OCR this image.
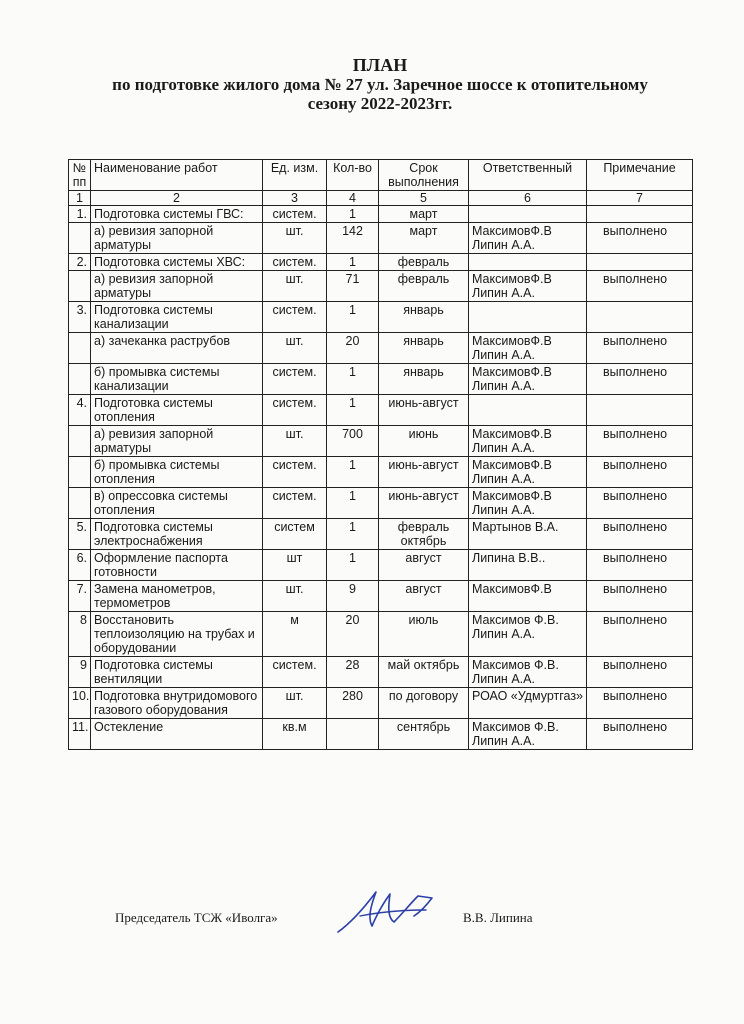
ПЛАН
по подготовке жилого дома № 27 ул. Заречное шоссе к отопительному
сезону 2022-2023гг.
№ пп	Наименование работ	Ед. изм.	Кол-во	Срок выполнения	Ответственный	Примечание
1	2	3	4	5	6	7
1.	Подготовка системы ГВС:	систем.	1	март		
	а) ревизия запорной арматуры	шт.	142	март	МаксимовФ.В Липин А.А.	выполнено
2.	Подготовка системы ХВС:	систем.	1	февраль		
	а) ревизия запорной арматуры	шт.	71	февраль	МаксимовФ.В Липин А.А.	выполнено
3.	Подготовка системы канализации	систем.	1	январь		
	а) зачеканка раструбов	шт.	20	январь	МаксимовФ.В Липин А.А.	выполнено
	б) промывка системы канализации	систем.	1	январь	МаксимовФ.В Липин А.А.	выполнено
4.	Подготовка системы отопления	систем.	1	июнь-август		
	а) ревизия запорной арматуры	шт.	700	июнь	МаксимовФ.В Липин А.А.	выполнено
	б) промывка системы отопления	систем.	1	июнь-август	МаксимовФ.В Липин А.А.	выполнено
	в) опрессовка системы отопления	систем.	1	июнь-август	МаксимовФ.В Липин А.А.	выполнено
5.	Подготовка системы электроснабжения	систем	1	февраль октябрь	Мартынов В.А.	выполнено
6.	Оформление паспорта готовности	шт	1	август	Липина В.В..	выполнено
7.	Замена манометров, термометров	шт.	9	август	МаксимовФ.В	выполнено
8	Восстановить теплоизоляцию на трубах и оборудовании	м	20	июль	Максимов Ф.В. Липин А.А.	выполнено
9	Подготовка системы вентиляции	систем.	28	май октябрь	Максимов Ф.В. Липин А.А.	выполнено
10.	Подготовка внутридомового газового оборудования	шт.	280	по договору	РОАО «Удмуртгаз»	выполнено
11.	Остекление	кв.м		сентябрь	Максимов Ф.В. Липин А.А.	выполнено
Председатель ТСЖ «Иволга»	В.В. Липина
